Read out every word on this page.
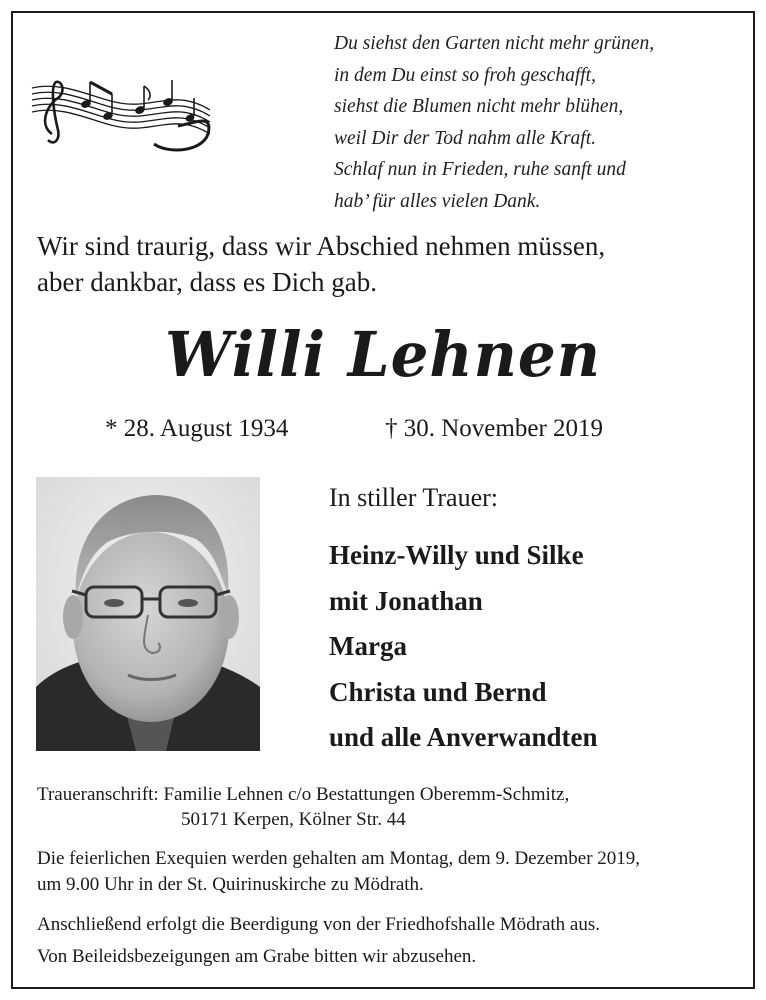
Du siehst den Garten nicht mehr grünen,
in dem Du einst so froh geschafft,
siehst die Blumen nicht mehr blühen,
weil Dir der Tod nahm alle Kraft.
Schlaf nun in Frieden, ruhe sanft und
hab’ für alles vielen Dank.
Wir sind traurig, dass wir Abschied nehmen müssen,
aber dankbar, dass es Dich gab.
Willi Lehnen
* 28. August 1934	† 30. November 2019
In stiller Trauer:
Heinz-Willy und Silke
mit Jonathan
Marga
Christa und Bernd
und alle Anverwandten
Traueranschrift: Familie Lehnen c/o Bestattungen Oberemm-Schmitz,
50171 Kerpen, Kölner Str. 44
Die feierlichen Exequien werden gehalten am Montag, dem 9. Dezember 2019,
um 9.00 Uhr in der St. Quirinuskirche zu Mödrath.
Anschließend erfolgt die Beerdigung von der Friedhofshalle Mödrath aus.
Von Beileidsbezeigungen am Grabe bitten wir abzusehen.
